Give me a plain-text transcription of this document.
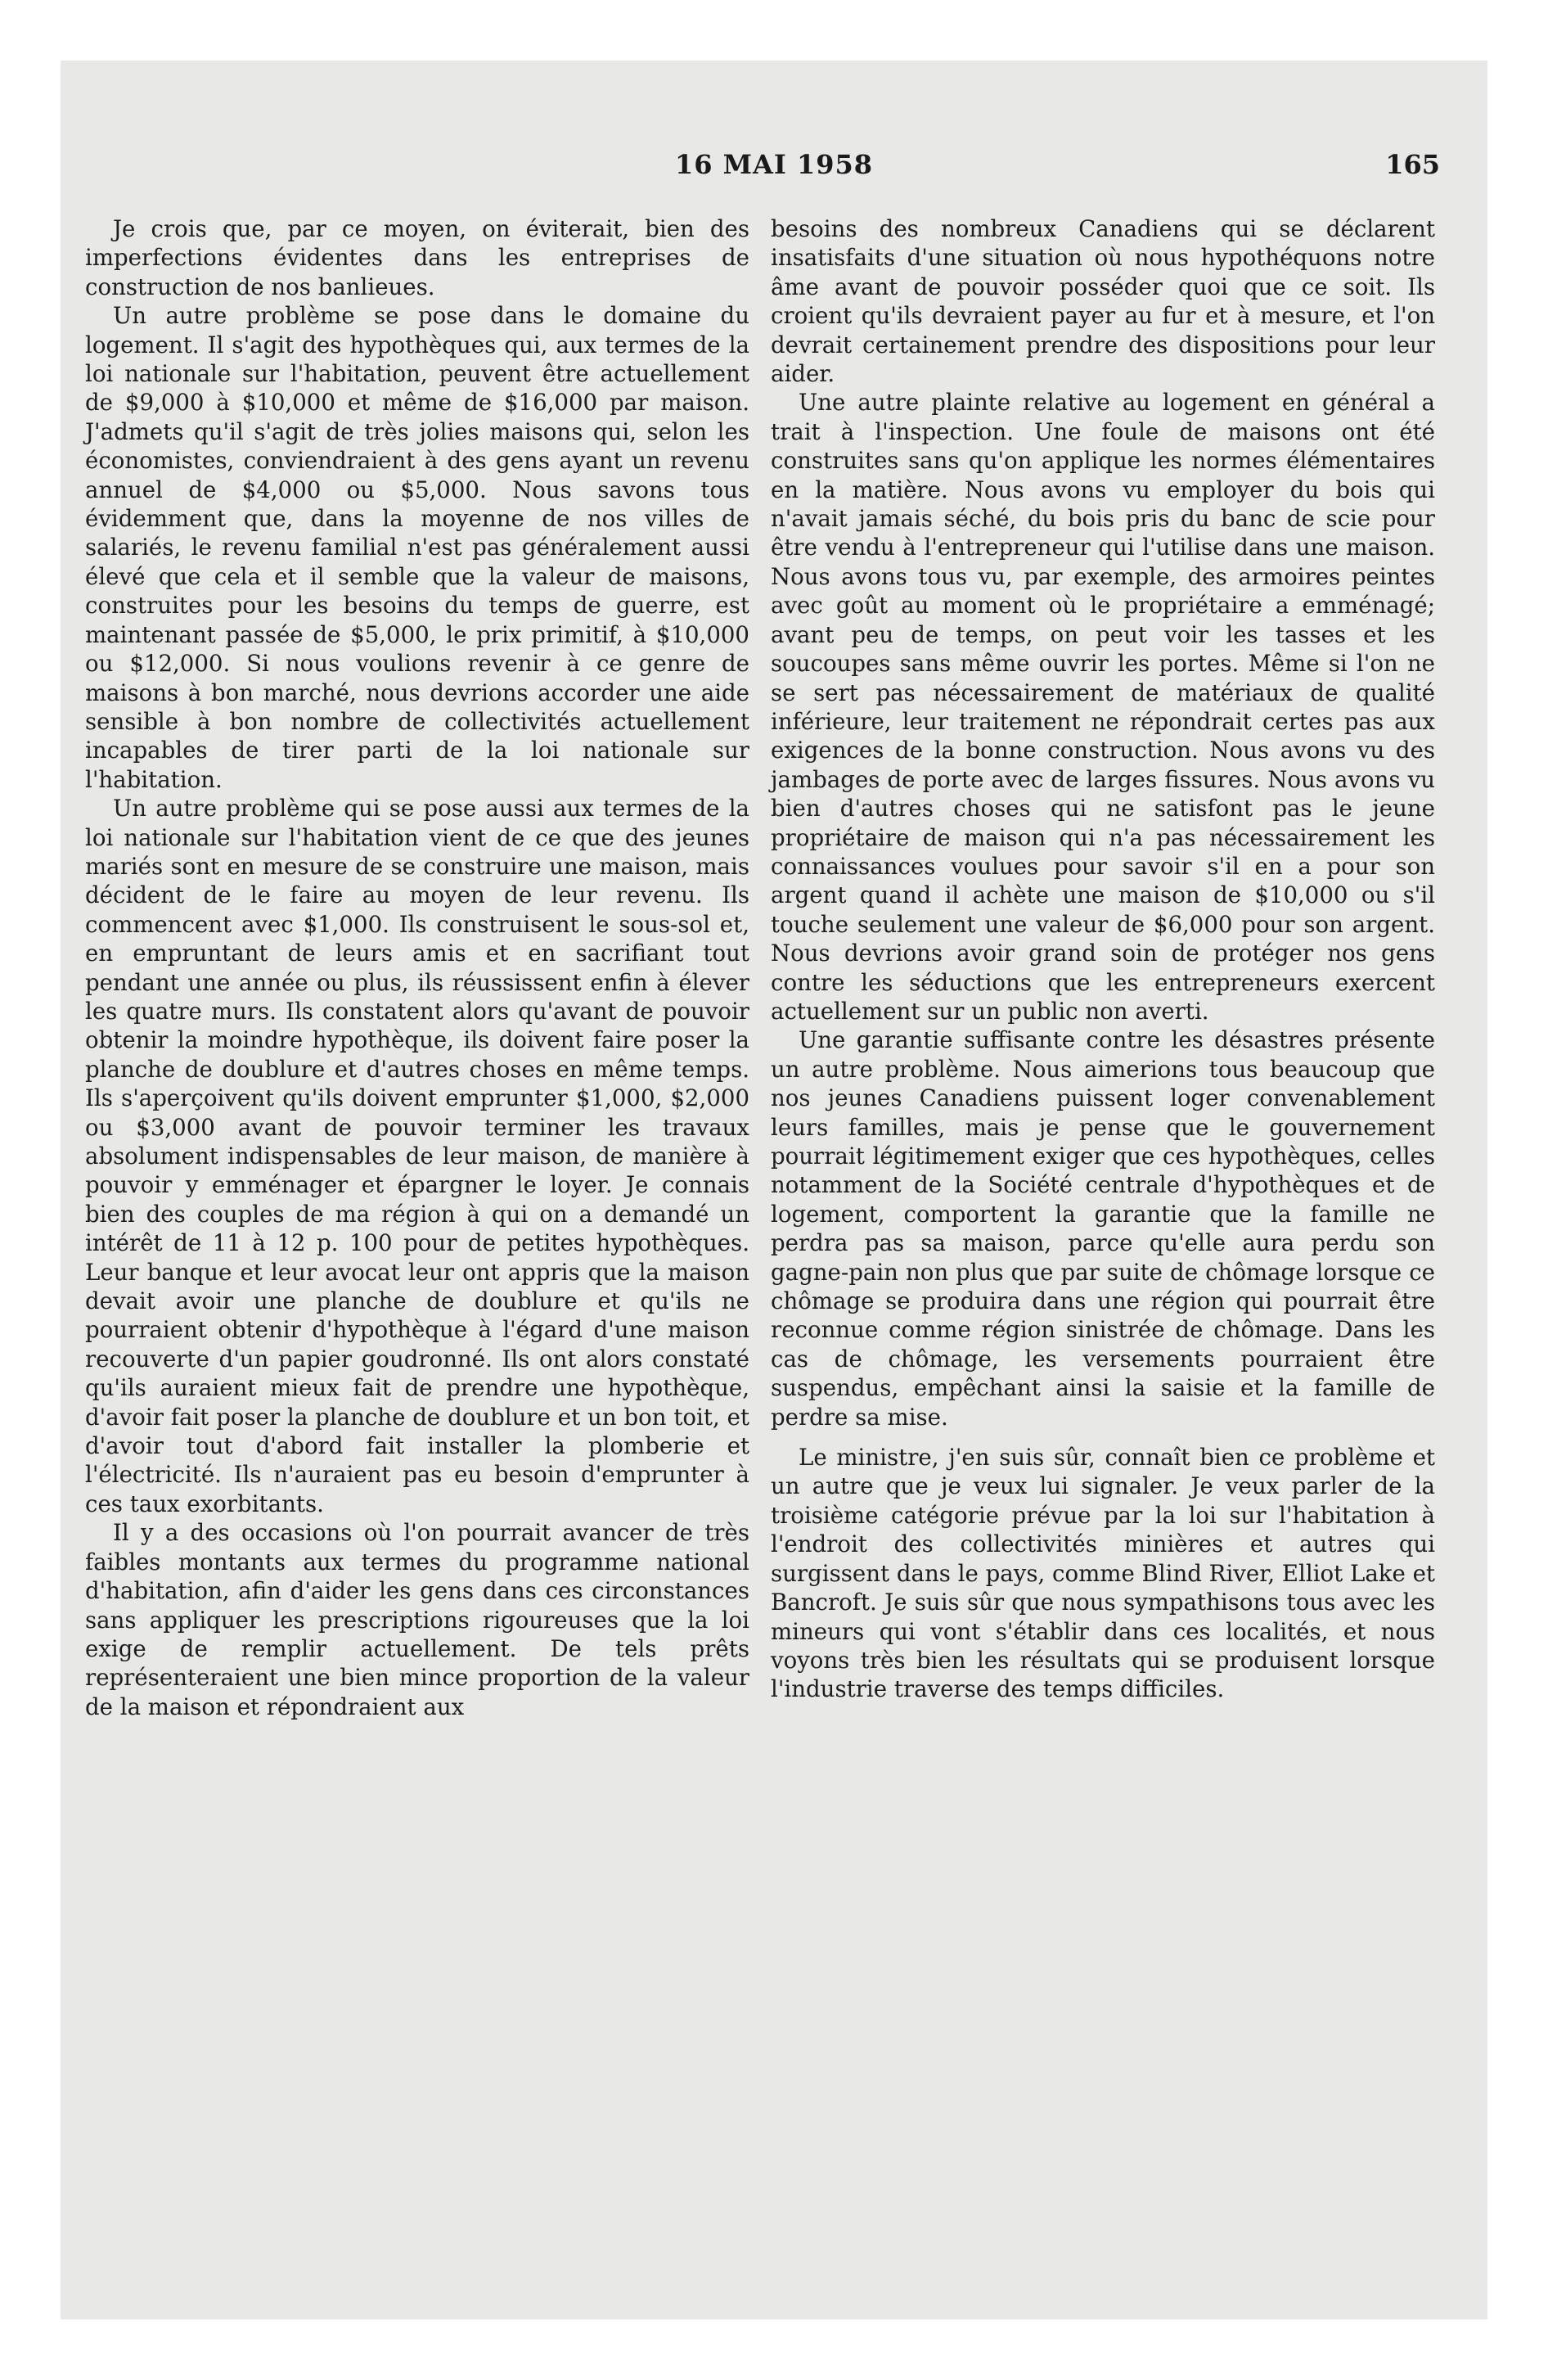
16 MAI 1958	165

Je crois que, par ce moyen, on éviterait, bien des imperfections évidentes dans les entreprises de construction de nos banlieues.

Un autre problème se pose dans le domaine du logement. Il s'agit des hypothèques qui, aux termes de la loi nationale sur l'habitation, peuvent être actuellement de $9,000 à $10,000 et même de $16,000 par maison. J'admets qu'il s'agit de très jolies maisons qui, selon les économistes, conviendraient à des gens ayant un revenu annuel de $4,000 ou $5,000. Nous savons tous évidemment que, dans la moyenne de nos villes de salariés, le revenu familial n'est pas généralement aussi élevé que cela et il semble que la valeur de maisons, construites pour les besoins du temps de guerre, est maintenant passée de $5,000, le prix primitif, à $10,000 ou $12,000. Si nous voulions revenir à ce genre de maisons à bon marché, nous devrions accorder une aide sensible à bon nombre de collectivités actuellement incapables de tirer parti de la loi nationale sur l'habitation.

Un autre problème qui se pose aussi aux termes de la loi nationale sur l'habitation vient de ce que des jeunes mariés sont en mesure de se construire une maison, mais décident de le faire au moyen de leur revenu. Ils commencent avec $1,000. Ils construisent le sous-sol et, en empruntant de leurs amis et en sacrifiant tout pendant une année ou plus, ils réussissent enfin à élever les quatre murs. Ils constatent alors qu'avant de pouvoir obtenir la moindre hypothèque, ils doivent faire poser la planche de doublure et d'autres choses en même temps. Ils s'aperçoivent qu'ils doivent emprunter $1,000, $2,000 ou $3,000 avant de pouvoir terminer les travaux absolument indispensables de leur maison, de manière à pouvoir y emménager et épargner le loyer. Je connais bien des couples de ma région à qui on a demandé un intérêt de 11 à 12 p. 100 pour de petites hypothèques. Leur banque et leur avocat leur ont appris que la maison devait avoir une planche de doublure et qu'ils ne pourraient obtenir d'hypothèque à l'égard d'une maison recouverte d'un papier goudronné. Ils ont alors constaté qu'ils auraient mieux fait de prendre une hypothèque, d'avoir fait poser la planche de doublure et un bon toit, et d'avoir tout d'abord fait installer la plomberie et l'électricité. Ils n'auraient pas eu besoin d'emprunter à ces taux exorbitants.

Il y a des occasions où l'on pourrait avancer de très faibles montants aux termes du programme national d'habitation, afin d'aider les gens dans ces circonstances sans appliquer les prescriptions rigoureuses que la loi exige de remplir actuellement. De tels prêts représenteraient une bien mince proportion de la valeur de la maison et répondraient aux

besoins des nombreux Canadiens qui se déclarent insatisfaits d'une situation où nous hypothéquons notre âme avant de pouvoir posséder quoi que ce soit. Ils croient qu'ils devraient payer au fur et à mesure, et l'on devrait certainement prendre des dispositions pour leur aider.

Une autre plainte relative au logement en général a trait à l'inspection. Une foule de maisons ont été construites sans qu'on applique les normes élémentaires en la matière. Nous avons vu employer du bois qui n'avait jamais séché, du bois pris du banc de scie pour être vendu à l'entrepreneur qui l'utilise dans une maison. Nous avons tous vu, par exemple, des armoires peintes avec goût au moment où le propriétaire a emménagé; avant peu de temps, on peut voir les tasses et les soucoupes sans même ouvrir les portes. Même si l'on ne se sert pas nécessairement de matériaux de qualité inférieure, leur traitement ne répondrait certes pas aux exigences de la bonne construction. Nous avons vu des jambages de porte avec de larges fissures. Nous avons vu bien d'autres choses qui ne satisfont pas le jeune propriétaire de maison qui n'a pas nécessairement les connaissances voulues pour savoir s'il en a pour son argent quand il achète une maison de $10,000 ou s'il touche seulement une valeur de $6,000 pour son argent. Nous devrions avoir grand soin de protéger nos gens contre les séductions que les entrepreneurs exercent actuellement sur un public non averti.

Une garantie suffisante contre les désastres présente un autre problème. Nous aimerions tous beaucoup que nos jeunes Canadiens puissent loger convenablement leurs familles, mais je pense que le gouvernement pourrait légitimement exiger que ces hypothèques, celles notamment de la Société centrale d'hypothèques et de logement, comportent la garantie que la famille ne perdra pas sa maison, parce qu'elle aura perdu son gagne-pain non plus que par suite de chômage lorsque ce chômage se produira dans une région qui pourrait être reconnue comme région sinistrée de chômage. Dans les cas de chômage, les versements pourraient être suspendus, empêchant ainsi la saisie et la famille de perdre sa mise.

Le ministre, j'en suis sûr, connaît bien ce problème et un autre que je veux lui signaler. Je veux parler de la troisième catégorie prévue par la loi sur l'habitation à l'endroit des collectivités minières et autres qui surgissent dans le pays, comme Blind River, Elliot Lake et Bancroft. Je suis sûr que nous sympathisons tous avec les mineurs qui vont s'établir dans ces localités, et nous voyons très bien les résultats qui se produisent lorsque l'industrie traverse des temps difficiles.
